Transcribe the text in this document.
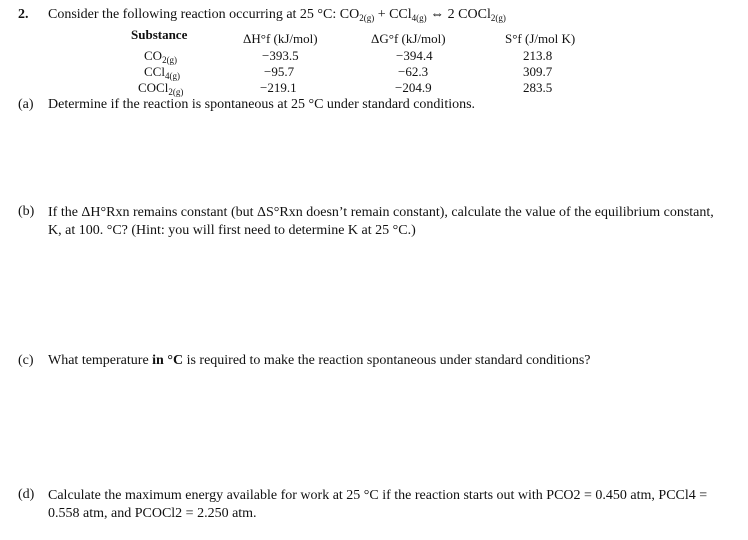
2. Consider the following reaction occurring at 25 °C: $CO_{2(g)} + CCl_{4(g)}$ ⇔ 2 COCl$_{2(g)}$
Substance	ΔH°f (kJ/mol)	ΔG°f (kJ/mol)	S°f (J/mol K)
$CO_{2(g)}$	−393.5	−394.4	213.8
CCl$_{4(g)}$	−95.7	−62.3	309.7
COCl$_{2(g)}$	−219.1	−204.9	283.5
(a) Determine if the reaction is spontaneous at 25 °C under standard conditions.
(b) If the ΔH°Rxn remains constant (but ΔS°Rxn doesn’t remain constant), calculate the value of the equilibrium constant, K, at 100. °C? (Hint: you will first need to determine K at 25 °C.)
(c) What temperature in °C is required to make the reaction spontaneous under standard conditions?
(d) Calculate the maximum energy available for work at 25 °C if the reaction starts out with PCO2 = 0.450 atm, PCCl4 = 0.558 atm, and PCOCl2 = 2.250 atm.
